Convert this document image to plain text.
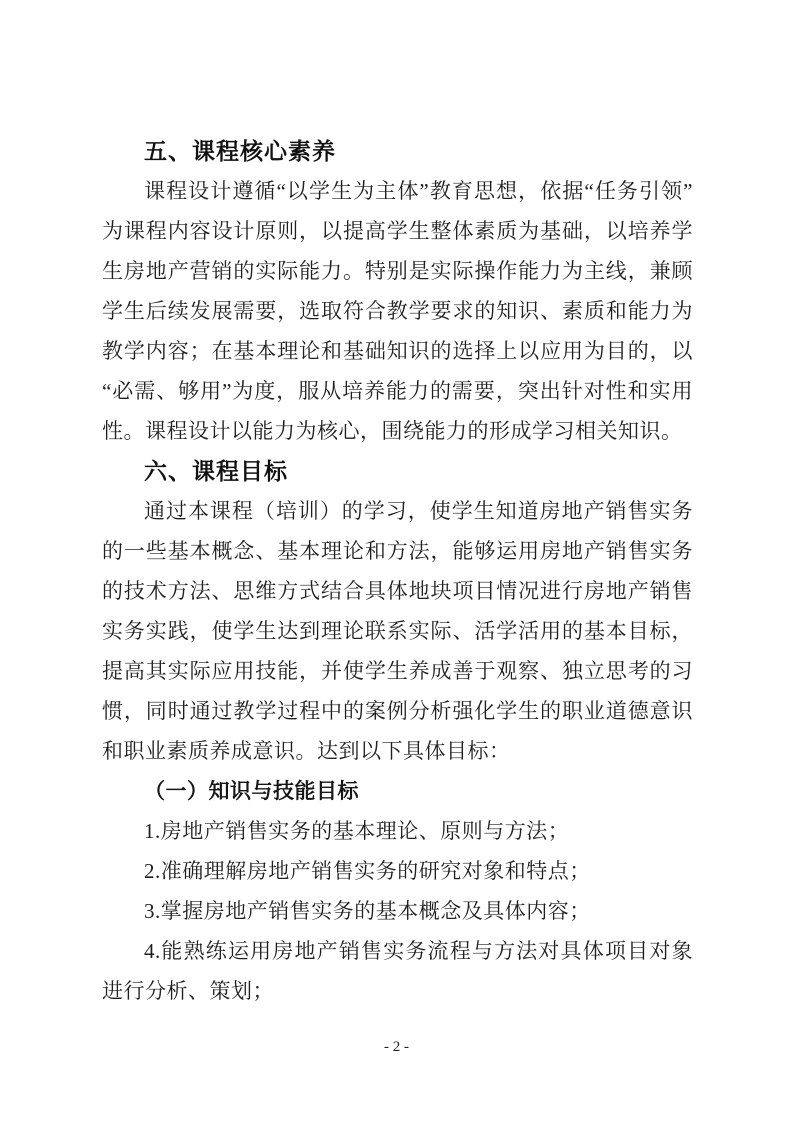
五、课程核心素养

课程设计遵循“以学生为主体”教育思想，依据“任务引领”为课程内容设计原则，以提高学生整体素质为基础，以培养学生房地产营销的实际能力。特别是实际操作能力为主线，兼顾学生后续发展需要，选取符合教学要求的知识、素质和能力为教学内容；在基本理论和基础知识的选择上以应用为目的，以“必需、够用”为度，服从培养能力的需要，突出针对性和实用性。课程设计以能力为核心，围绕能力的形成学习相关知识。

六、课程目标

通过本课程（培训）的学习，使学生知道房地产销售实务的一些基本概念、基本理论和方法，能够运用房地产销售实务的技术方法、思维方式结合具体地块项目情况进行房地产销售实务实践，使学生达到理论联系实际、活学活用的基本目标，提高其实际应用技能，并使学生养成善于观察、独立思考的习惯，同时通过教学过程中的案例分析强化学生的职业道德意识和职业素质养成意识。达到以下具体目标：

（一）知识与技能目标

1.房地产销售实务的基本理论、原则与方法；

2.准确理解房地产销售实务的研究对象和特点；

3.掌握房地产销售实务的基本概念及具体内容；

4.能熟练运用房地产销售实务流程与方法对具体项目对象进行分析、策划；

- 2 -
